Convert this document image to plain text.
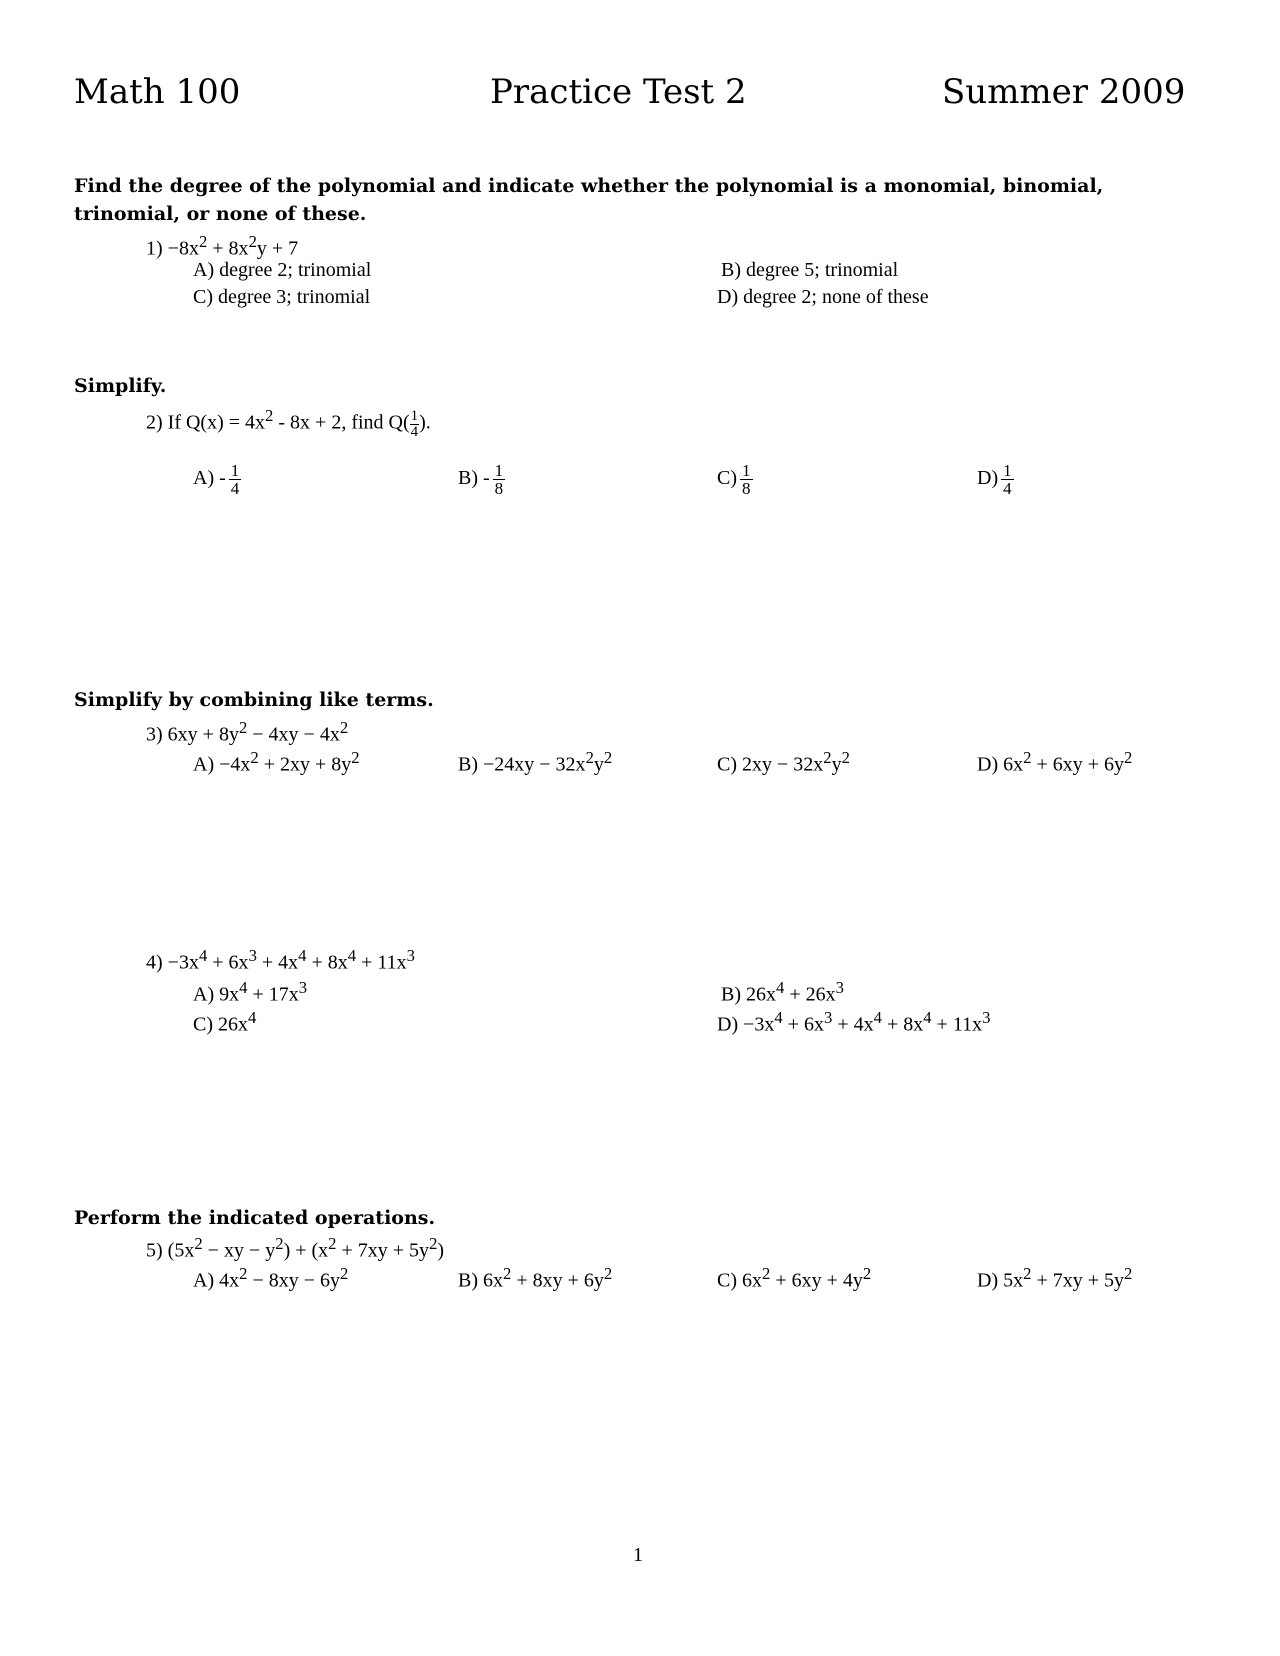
Math 100	Practice Test 2	Summer 2009
Find the degree of the polynomial and indicate whether the polynomial is a monomial, binomial, trinomial, or none of these.
$1) -8x^2 + 8x^2y + 7$
A) degree 2; trinomial	B) degree 5; trinomial
C) degree 3; trinomial	D) degree 2; none of these
Simplify.
2) If $Q(x) = 4x^2 - 8x + 2$, find $Q( \frac{1}{4}$ ).
$A) - \frac{1}{4}$	$B) - \frac{1}{8}$	$C) \frac{1}{8}$	$D) \frac{1}{4}$
Simplify by combining like terms.
3) $6xy + 8y^2 - 4xy - 4x^2$
$A) -4x^2 + 2xy + 8y^2$	$B) -24xy - 32x^2y^2$	C) $2xy - 32x^2y^2$	D) $6x^2 + 6xy + 6y^2$
$4) -3x^4 + 6x^3 + 4x^4 + 8x^4 + 11x^3$
A) $9x^4 + 17x^3$	B) $26x^4 + 26x^3$
C) $26x^4$	$D) -3x^4 + 6x^3 + 4x^4 + 8x^4 + 11x^3$
Perform the indicated operations.
5) ($5x^2$ − xy − $y^2) + (x^2 + 7xy + 5y^2)$
A) $4x^2 - 8xy - 6y^2$	B) $6x^2 + 8xy + 6y^2$	C) $6x^2 + 6xy + 4y^2$	D) $5x^2 + 7xy + 5y^2$
1
